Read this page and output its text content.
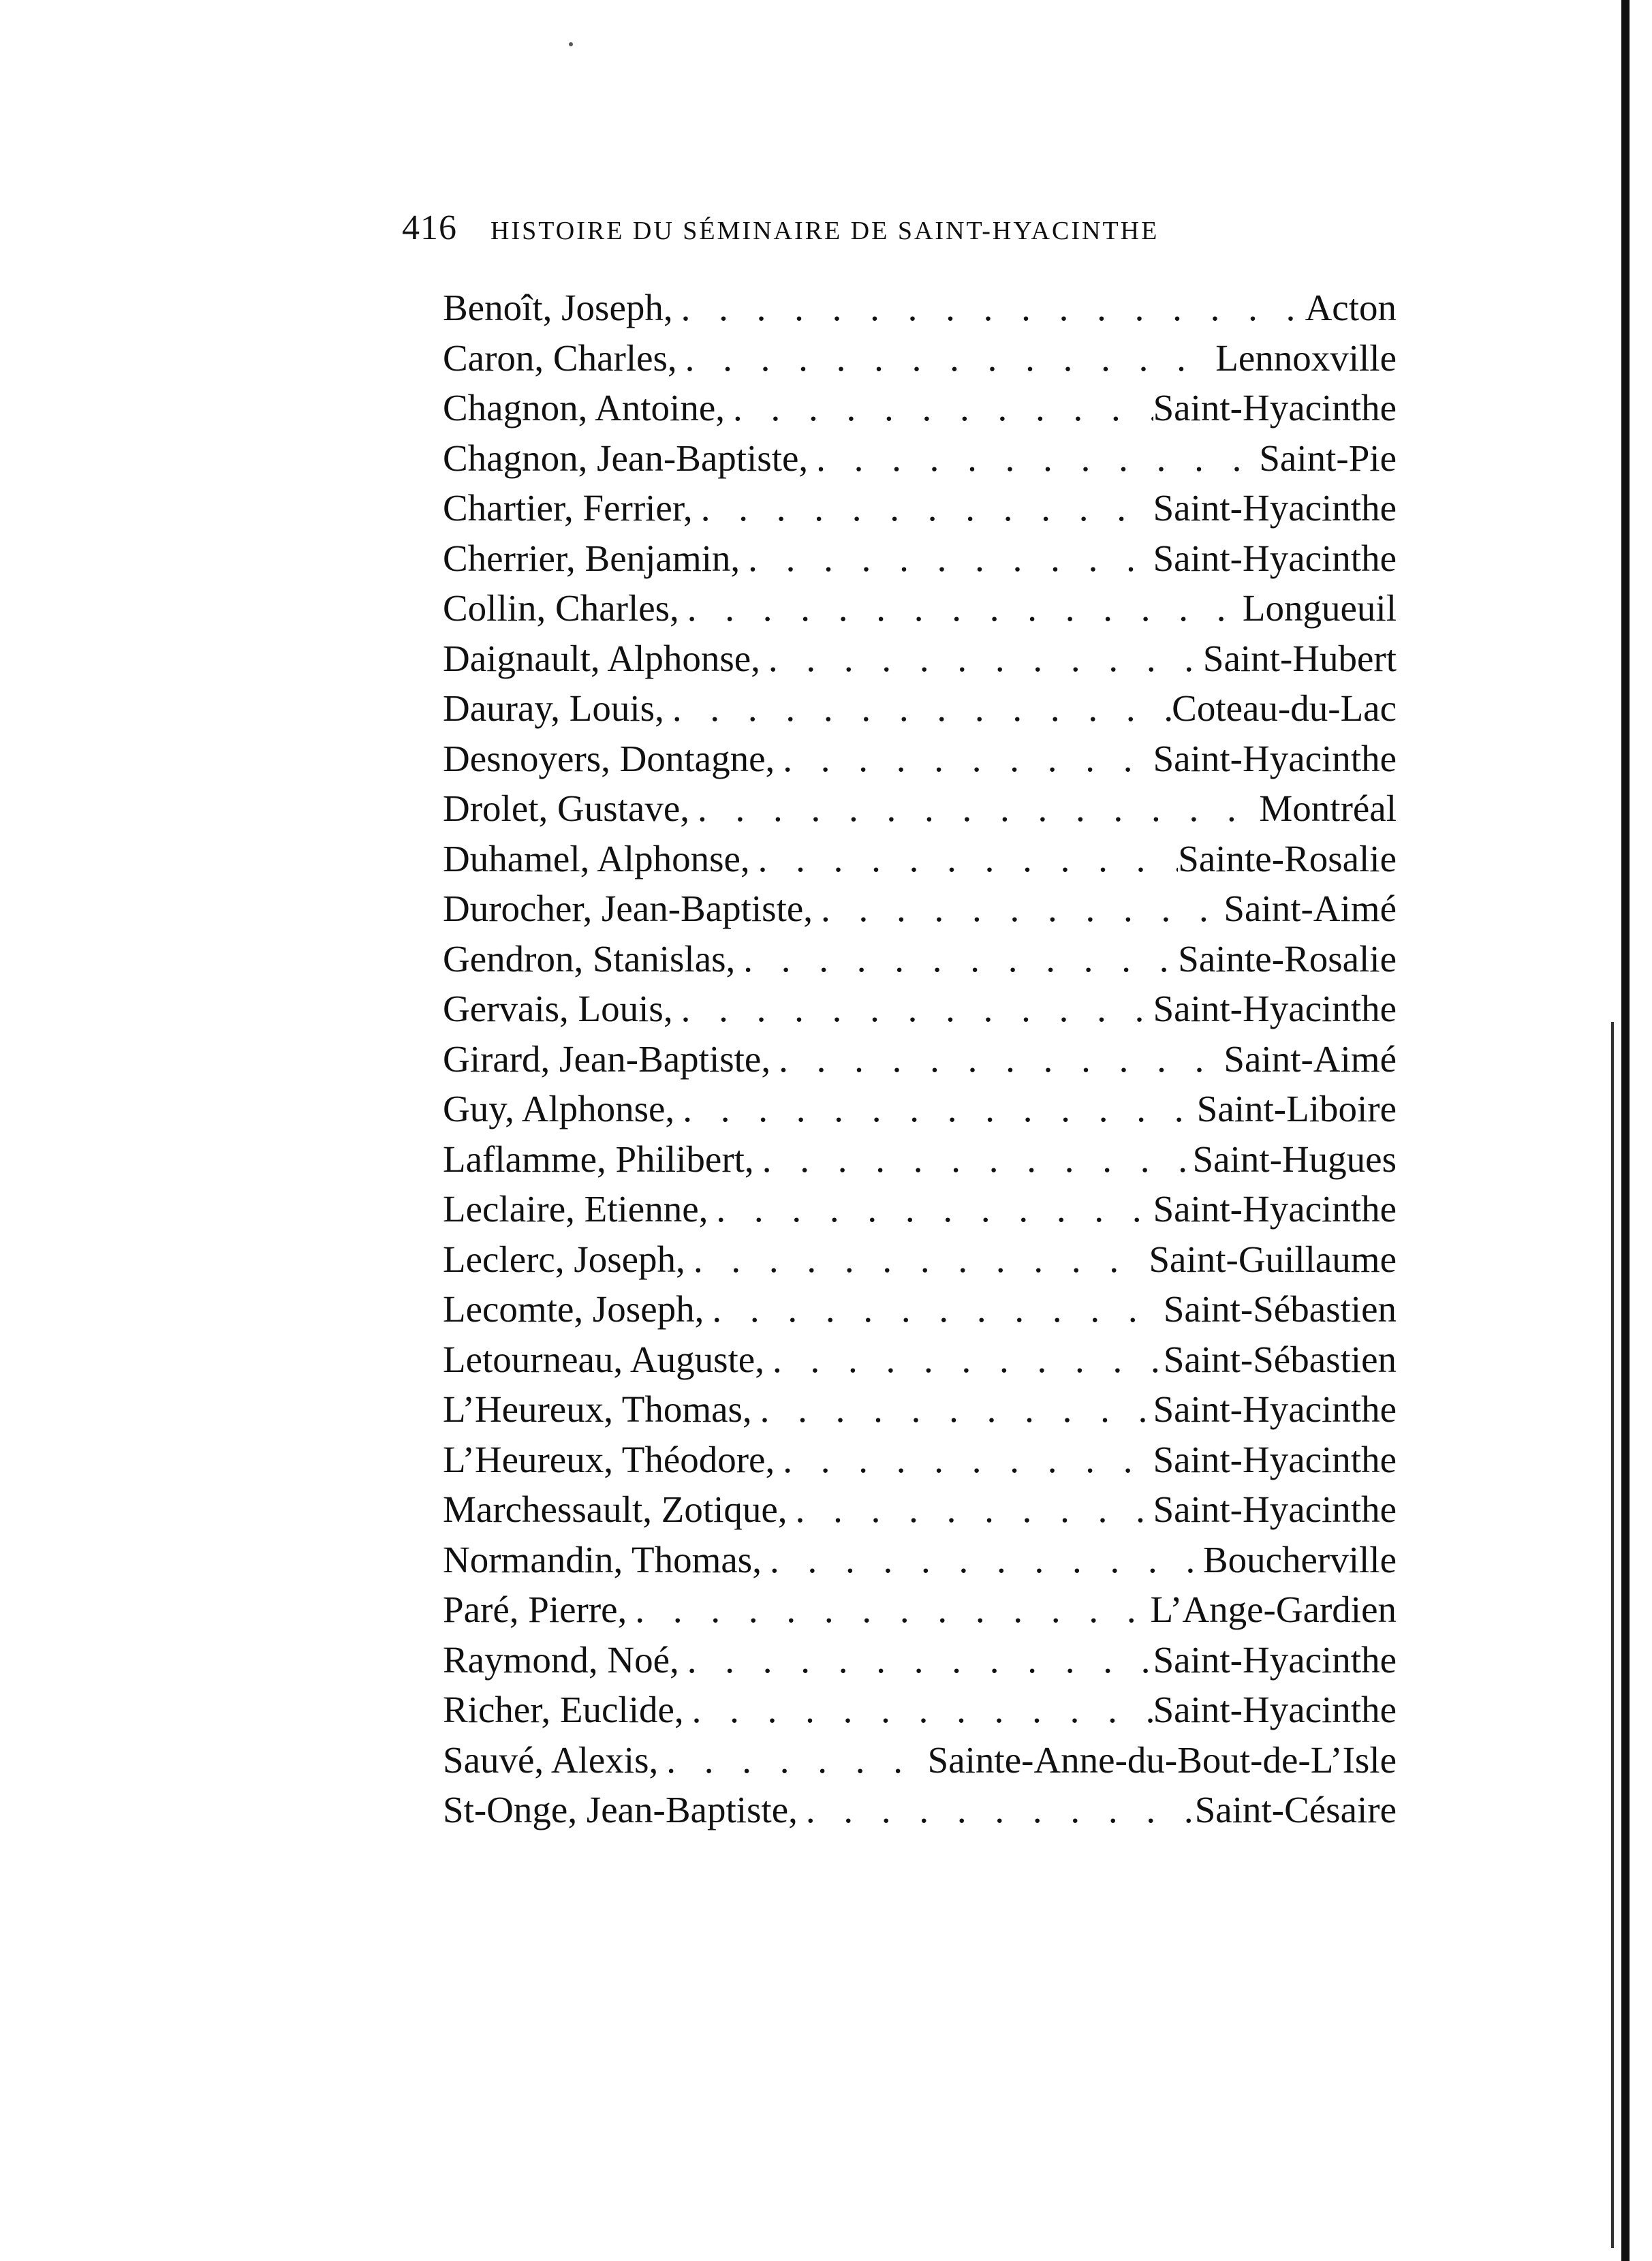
416	HISTOIRE DU SÉMINAIRE DE SAINT-HYACINTHE
Benoît, Joseph, . . .	Acton
Caron, Charles, . . .	Lennoxville
Chagnon, Antoine, . . .	Saint-Hyacinthe
Chagnon, Jean-Baptiste, . . .	Saint-Pie
Chartier, Ferrier, . . .	Saint-Hyacinthe
Cherrier, Benjamin, . . .	Saint-Hyacinthe
Collin, Charles, . . .	Longueuil
Daignault, Alphonse, . . .	Saint-Hubert
Dauray, Louis, . . .	Coteau-du-Lac
Desnoyers, Dontagne, . . .	Saint-Hyacinthe
Drolet, Gustave, . . .	Montréal
Duhamel, Alphonse, . . .	Sainte-Rosalie
Durocher, Jean-Baptiste, . . .	Saint-Aimé
Gendron, Stanislas, . . .	Sainte-Rosalie
Gervais, Louis, . . .	Saint-Hyacinthe
Girard, Jean-Baptiste, . . .	Saint-Aimé
Guy, Alphonse, . . .	Saint-Liboire
Laflamme, Philibert, . . .	Saint-Hugues
Leclaire, Etienne, . . .	Saint-Hyacinthe
Leclerc, Joseph, . . .	Saint-Guillaume
Lecomte, Joseph, . . .	Saint-Sébastien
Letourneau, Auguste, . . .	Saint-Sébastien
L’Heureux, Thomas, . . .	Saint-Hyacinthe
L’Heureux, Théodore, . . .	Saint-Hyacinthe
Marchessault, Zotique, . . .	Saint-Hyacinthe
Normandin, Thomas, . . .	Boucherville
Paré, Pierre, . . .	L’Ange-Gardien
Raymond, Noé, . . .	Saint-Hyacinthe
Richer, Euclide, . . .	Saint-Hyacinthe
Sauvé, Alexis, . . .	Sainte-Anne-du-Bout-de-L’Isle
St-Onge, Jean-Baptiste, . . .	Saint-Césaire
